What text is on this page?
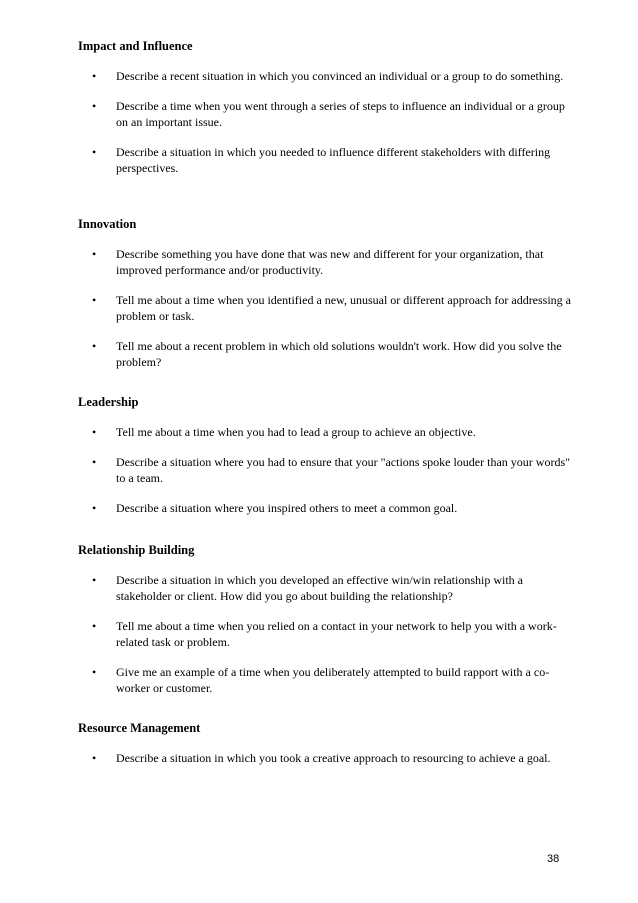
Impact and Influence

• Describe a recent situation in which you convinced an individual or a group to do something.
• Describe a time when you went through a series of steps to influence an individual or a group on an important issue.
• Describe a situation in which you needed to influence different stakeholders with differing perspectives.

Innovation

• Describe something you have done that was new and different for your organization, that improved performance and/or productivity.
• Tell me about a time when you identified a new, unusual or different approach for addressing a problem or task.
• Tell me about a recent problem in which old solutions wouldn't work. How did you solve the problem?

Leadership

• Tell me about a time when you had to lead a group to achieve an objective.
• Describe a situation where you had to ensure that your "actions spoke louder than your words" to a team.
• Describe a situation where you inspired others to meet a common goal.

Relationship Building

• Describe a situation in which you developed an effective win/win relationship with a stakeholder or client. How did you go about building the relationship?
• Tell me about a time when you relied on a contact in your network to help you with a work-related task or problem.
• Give me an example of a time when you deliberately attempted to build rapport with a co-worker or customer.

Resource Management

• Describe a situation in which you took a creative approach to resourcing to achieve a goal.
38
